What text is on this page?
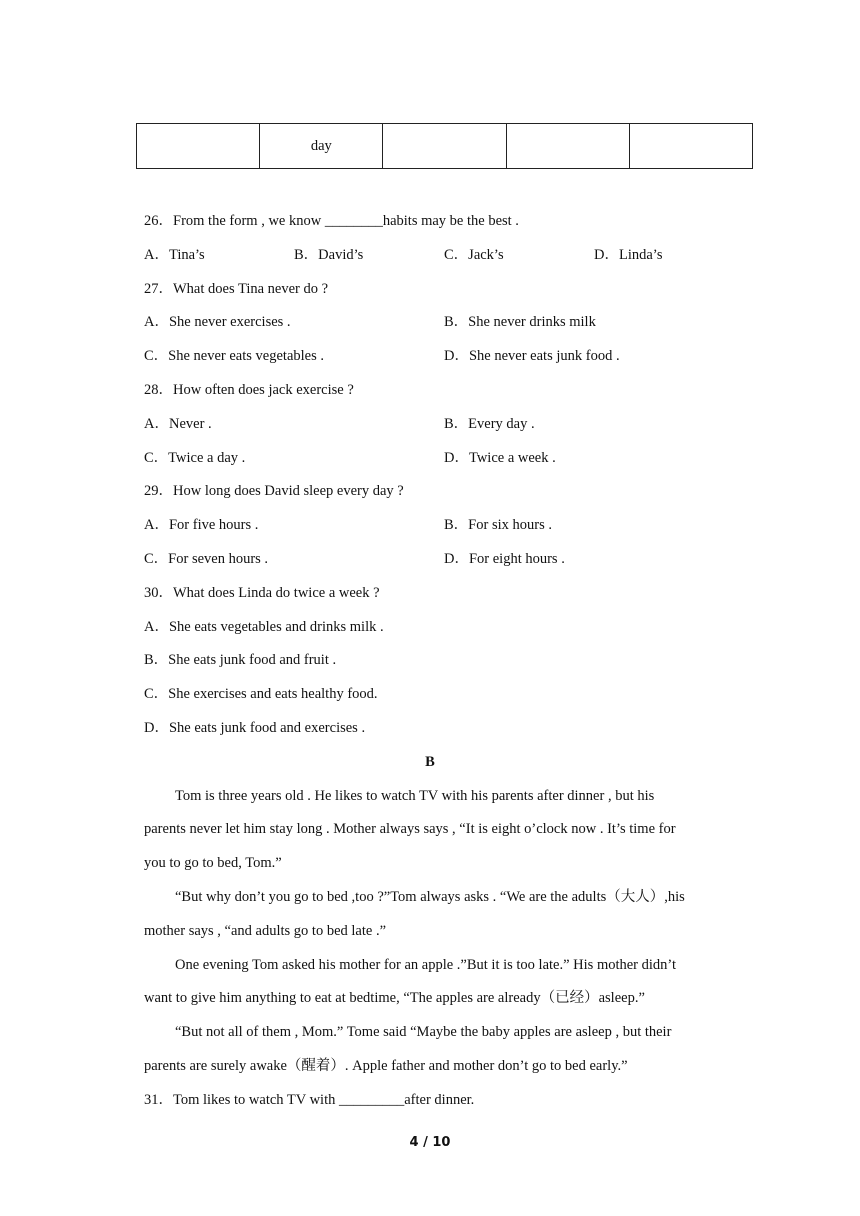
	day			
26．From the form , we know ________habits may be the best .
A．Tina’s	B．David’s	C．Jack’s	D．Linda’s
27．What does Tina never do ?
A．She never exercises .	B．She never drinks milk
C．She never eats vegetables .	D．She never eats junk food .
28．How often does jack exercise ?
A．Never .	B．Every day .
C．Twice a day .	D．Twice a week .
29．How long does David sleep every day ?
A．For five hours .	B．For six hours .
C．For seven hours .	D．For eight hours .
30．What does Linda do twice a week ?
A．She eats vegetables and drinks milk .
B．She eats junk food and fruit .
C．She exercises and eats healthy food.
D．She eats junk food and exercises .
B
Tom is three years old . He likes to watch TV with his parents after dinner , but his
parents never let him stay long . Mother always says , “It is eight o’clock now . It’s time for
you to go to bed, Tom.”
“But why don’t you go to bed ,too ?”Tom always asks . “We are the adults（大人）,his
mother says , “and adults go to bed late .”
One evening Tom asked his mother for an apple .”But it is too late.” His mother didn’t
want to give him anything to eat at bedtime, “The apples are already（已经）asleep.”
“But not all of them , Mom.” Tome said “Maybe the baby apples are asleep , but their
parents are surely awake（醒着）. Apple father and mother don’t go to bed early.”
31．Tom likes to watch TV with _________after dinner.
4 / 10
